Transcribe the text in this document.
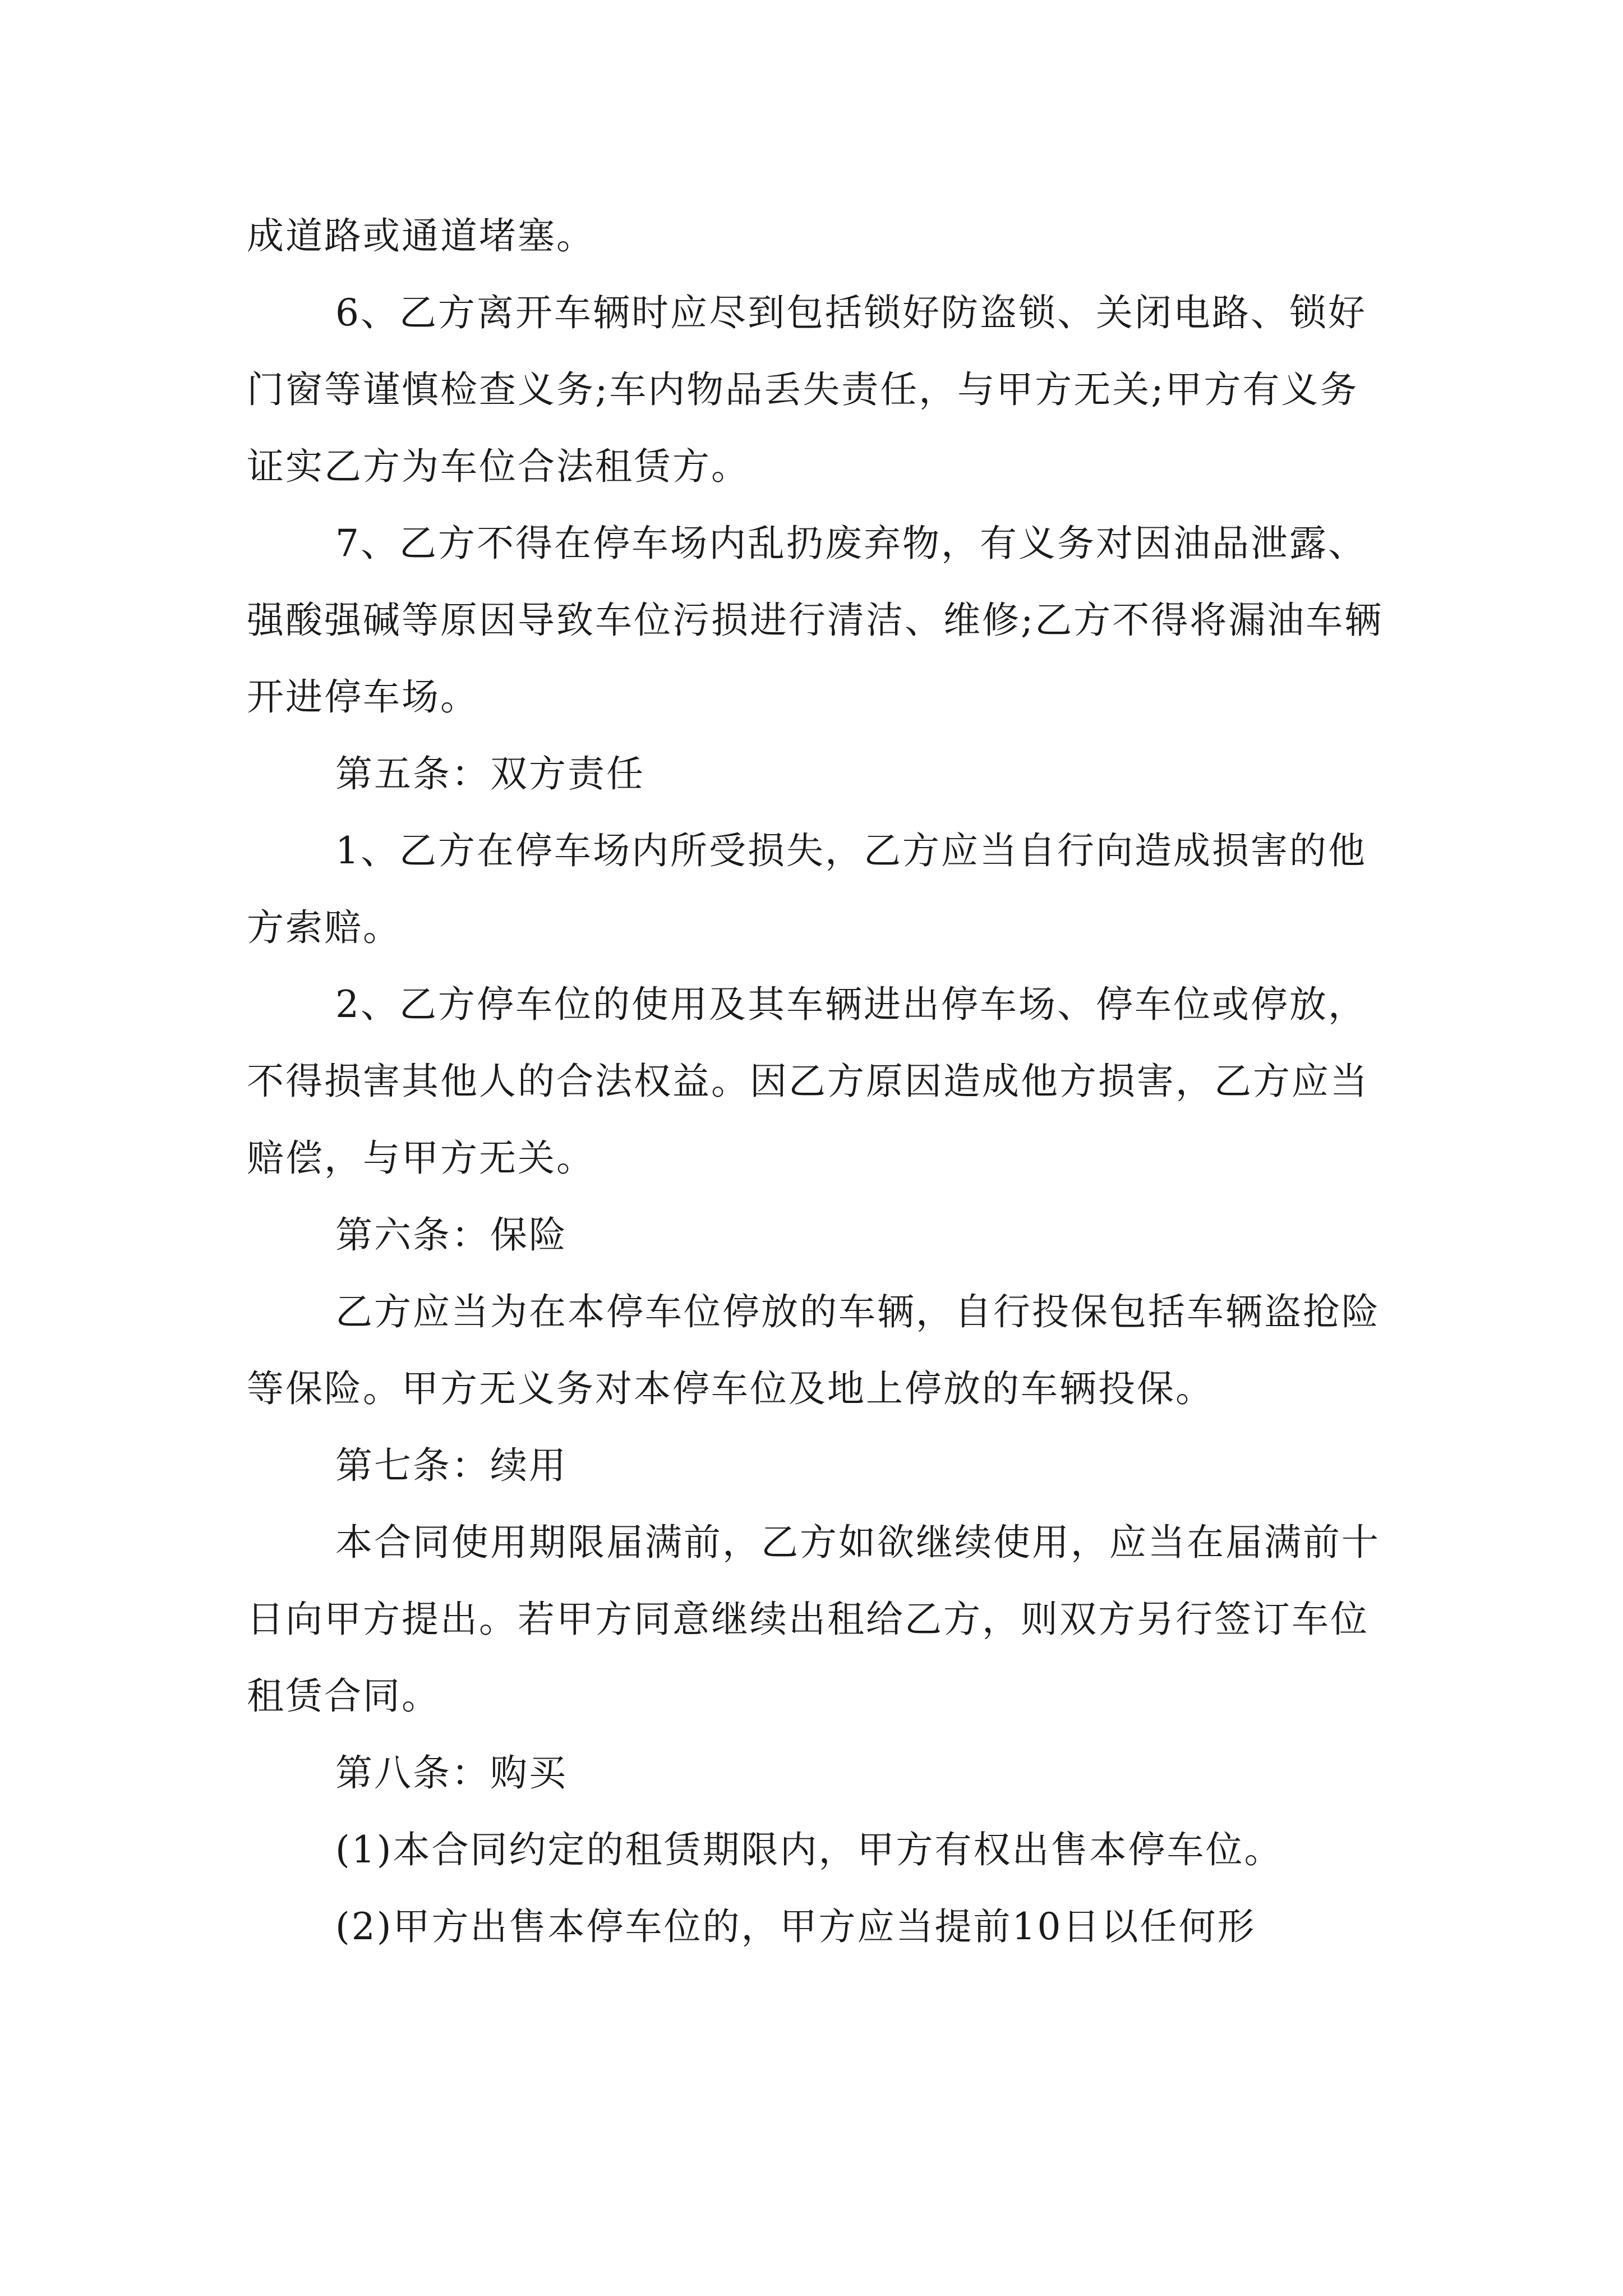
成道路或通道堵塞。

6、乙方离开车辆时应尽到包括锁好防盗锁、关闭电路、锁好门窗等谨慎检查义务;车内物品丢失责任，与甲方无关;甲方有义务证实乙方为车位合法租赁方。

7、乙方不得在停车场内乱扔废弃物，有义务对因油品泄露、强酸强碱等原因导致车位污损进行清洁、维修;乙方不得将漏油车辆开进停车场。

第五条：双方责任

1、乙方在停车场内所受损失，乙方应当自行向造成损害的他方索赔。

2、乙方停车位的使用及其车辆进出停车场、停车位或停放，不得损害其他人的合法权益。因乙方原因造成他方损害，乙方应当赔偿，与甲方无关。

第六条：保险

乙方应当为在本停车位停放的车辆，自行投保包括车辆盗抢险等保险。甲方无义务对本停车位及地上停放的车辆投保。

第七条：续用

本合同使用期限届满前，乙方如欲继续使用，应当在届满前十日向甲方提出。若甲方同意继续出租给乙方，则双方另行签订车位租赁合同。

第八条：购买

(1)本合同约定的租赁期限内，甲方有权出售本停车位。

(2)甲方出售本停车位的，甲方应当提前10日以任何形
